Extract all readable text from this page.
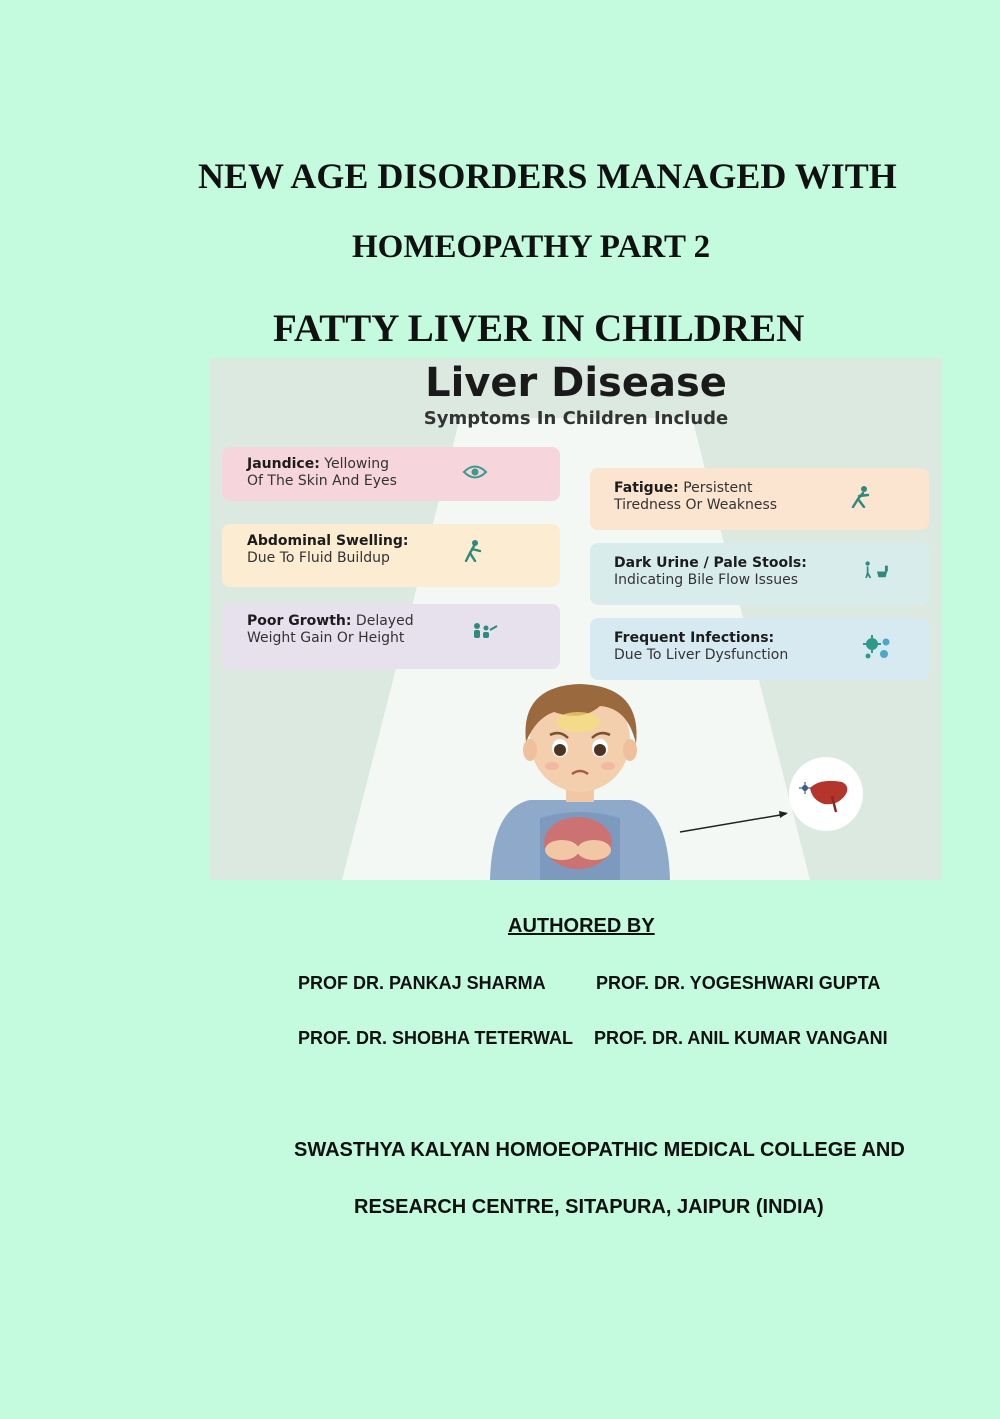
NEW AGE DISORDERS MANAGED WITH
HOMEOPATHY PART 2
FATTY LIVER IN CHILDREN
Liver Disease
Symptoms In Children Include
Jaundice: Yellowing
Of The Skin And Eyes
Abdominal Swelling:
Due To Fluid Buildup
Poor Growth: Delayed
Weight Gain Or Height
Fatigue: Persistent
Tiredness Or Weakness
Dark Urine / Pale Stools:
Indicating Bile Flow Issues
Frequent Infections:
Due To Liver Dysfunction
AUTHORED BY
PROF DR. PANKAJ SHARMA	PROF. DR. YOGESHWARI GUPTA
PROF. DR. SHOBHA TETERWAL PROF. DR. ANIL KUMAR VANGANI
SWASTHYA KALYAN HOMOEOPATHIC MEDICAL COLLEGE AND
RESEARCH CENTRE, SITAPURA, JAIPUR (INDIA)
